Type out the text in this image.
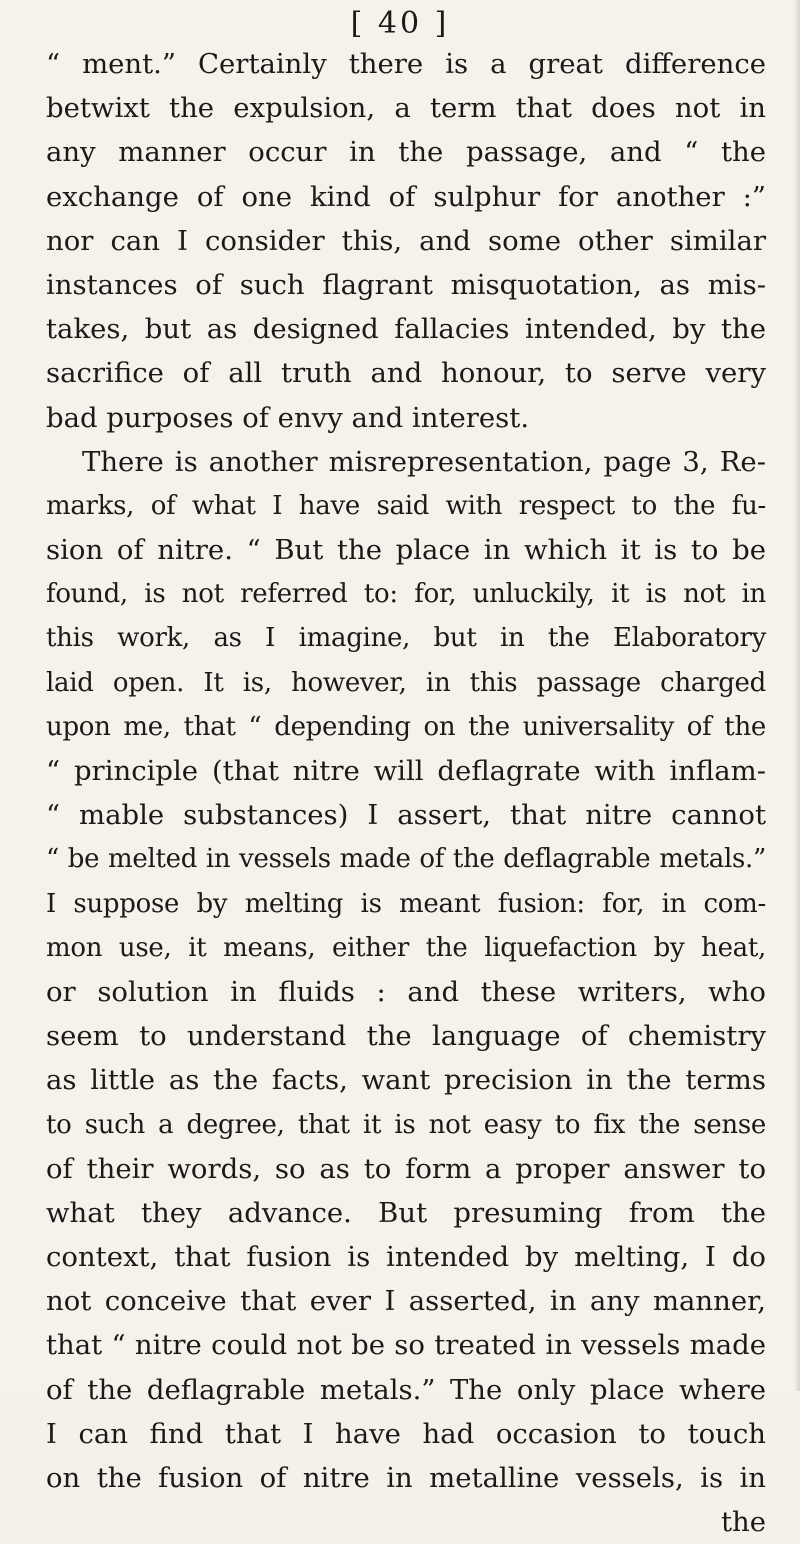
[ 40 ]
“ ment.” Certainly there is a great difference
betwixt the expulsion, a term that does not in
any manner occur in the passage, and “ the
exchange of one kind of sulphur for another :”
nor can I consider this, and some other similar
instances of such flagrant misquotation, as mis-
takes, but as designed fallacies intended, by the
sacrifice of all truth and honour, to serve very
bad purposes of envy and interest.
There is another misrepresentation, page 3, Re-
marks, of what I have said with respect to the fu-
sion of nitre. “ But the place in which it is to be
found, is not referred to: for, unluckily, it is not in
this work, as I imagine, but in the Elaboratory
laid open. It is, however, in this passage charged
upon me, that “ depending on the universality of the
“ principle (that nitre will deflagrate with inflam-
“ mable substances) I assert, that nitre cannot
“ be melted in vessels made of the deflagrable metals.”
I suppose by melting is meant fusion: for, in com-
mon use, it means, either the liquefaction by heat,
or solution in fluids : and these writers, who
seem to understand the language of chemistry
as little as the facts, want precision in the terms
to such a degree, that it is not easy to fix the sense
of their words, so as to form a proper answer to
what they advance. But presuming from the
context, that fusion is intended by melting, I do
not conceive that ever I asserted, in any manner,
that “ nitre could not be so treated in vessels made
of the deflagrable metals.” The only place where
I can find that I have had occasion to touch
on the fusion of nitre in metalline vessels, is in
the
